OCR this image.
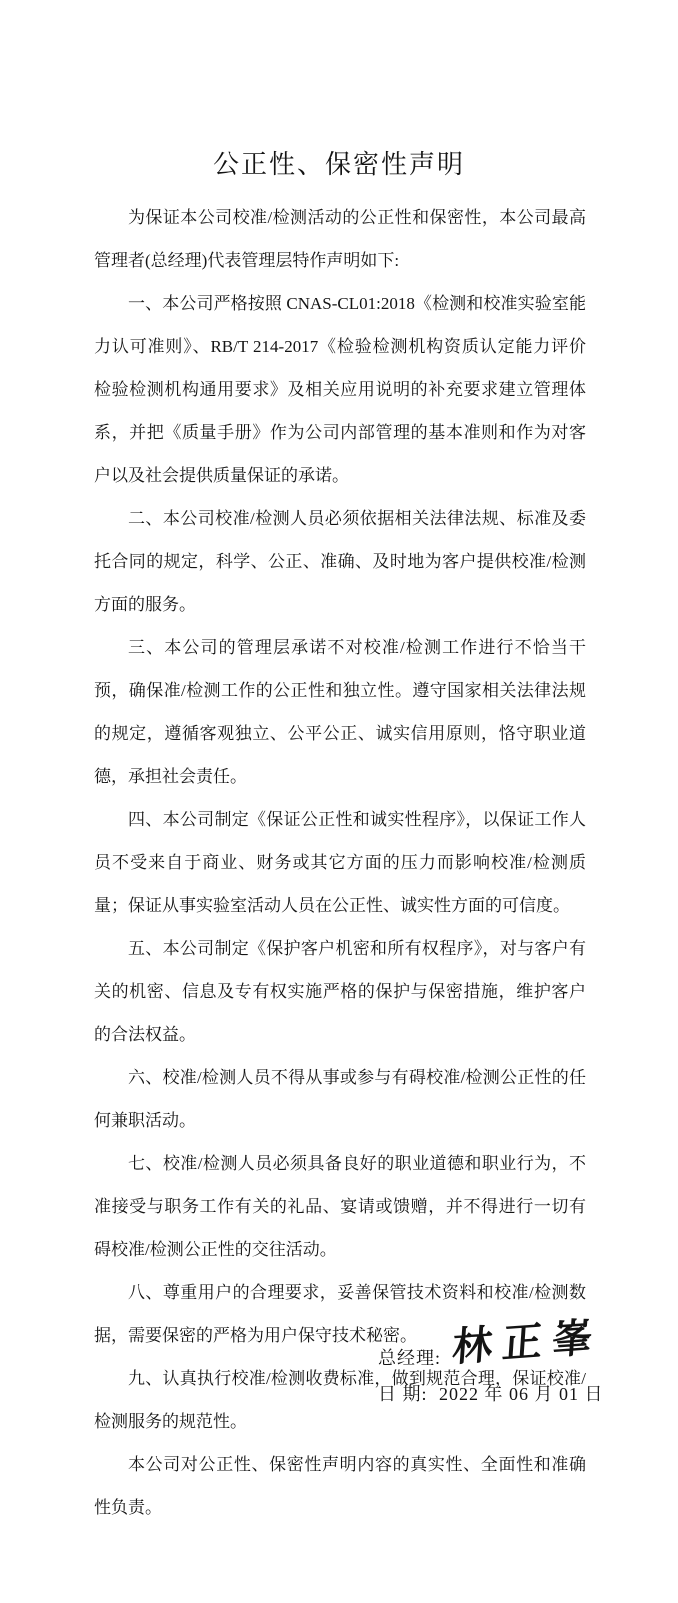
公正性、保密性声明

为保证本公司校准/检测活动的公正性和保密性，本公司最高管理者(总经理)代表管理层特作声明如下:

一、本公司严格按照 CNAS-CL01:2018《检测和校准实验室能力认可准则》、RB/T 214-2017《检验检测机构资质认定能力评价 检验检测机构通用要求》及相关应用说明的补充要求建立管理体系，并把《质量手册》作为公司内部管理的基本准则和作为对客户以及社会提供质量保证的承诺。

二、本公司校准/检测人员必须依据相关法律法规、标准及委托合同的规定，科学、公正、准确、及时地为客户提供校准/检测方面的服务。

三、本公司的管理层承诺不对校准/检测工作进行不恰当干预，确保准/检测工作的公正性和独立性。遵守国家相关法律法规的规定，遵循客观独立、公平公正、诚实信用原则，恪守职业道德，承担社会责任。

四、本公司制定《保证公正性和诚实性程序》，以保证工作人员不受来自于商业、财务或其它方面的压力而影响校准/检测质量；保证从事实验室活动人员在公正性、诚实性方面的可信度。

五、本公司制定《保护客户机密和所有权程序》，对与客户有关的机密、信息及专有权实施严格的保护与保密措施，维护客户的合法权益。

六、校准/检测人员不得从事或参与有碍校准/检测公正性的任何兼职活动。

七、校准/检测人员必须具备良好的职业道德和职业行为，不准接受与职务工作有关的礼品、宴请或馈赠，并不得进行一切有碍校准/检测公正性的交往活动。

八、尊重用户的合理要求，妥善保管技术资料和校准/检测数据，需要保密的严格为用户保守技术秘密。

九、认真执行校准/检测收费标准，做到规范合理，保证校准/检测服务的规范性。

本公司对公正性、保密性声明内容的真实性、全面性和准确性负责。

总经理: 林正峯
日 期: 2022 年 06 月 01 日
